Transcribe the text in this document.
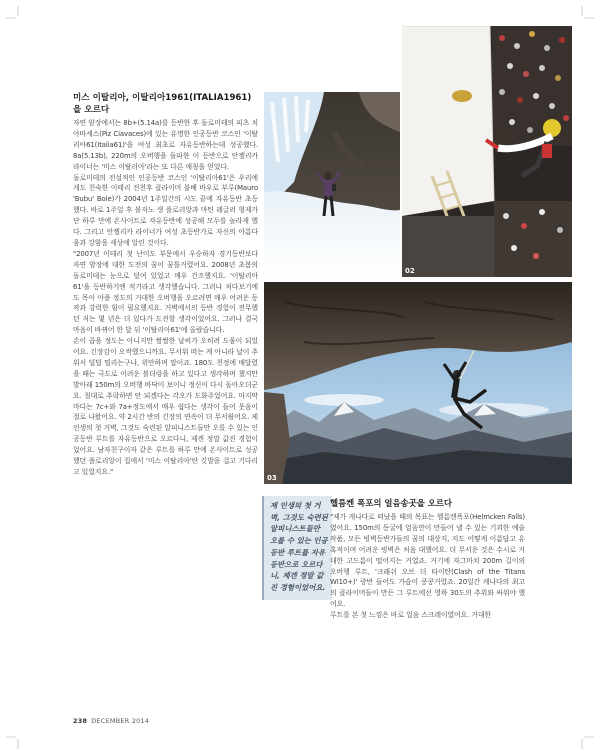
미스 이탈리아, 이탈리아1961(ITALIA1961)을 오르다

자연 암장에서는 8b+(5.14a)를 등반한 후 돌로미테의 피츠 치아바세스(Piz Ciavaces)에 있는 유명한 인공등반 코스인 '이탈리아61(Italia61)'을 여성 최초로 자유등반하는데 성공했다. 8a(5.13b), 220m의 오버행을 돌파한 이 등반으로 안젤리카 라이너는 '미스 이탈리아'라는 또 다른 애칭을 얻었다.

돌로미테의 전설적인 인공등반 코스인 '이탈리아61'은 우리에게도 친숙한 이태리 전천후 클라이머 불베 바우로 부루(Mauro 'Bubu' Bole)가 2004년 1주일간의 시도 끝에 자유등반 초등했다. 바로 1주일 후 볼자노 생 플로리앙과 마틴 레글러 형제가 단 하루 만에 온사이트로 자유등반에 성공해 모두를 놀라게 했다. 그리고 안젤리카 라이너가 여성 초등반가로 자신의 아름다움과 강함을 세상에 알린 것이다.

"2007년 이테리 첫 난이도 부문에서 우승하자 경기등반보다 자연 암장에 대한 도전의 꿈이 꿈틀거렸어요. 2008년 초봄의 돌로미테는 눈으로 덮여 있었고 매우 건조했지요. '이탈리아61'을 등반하기엔 적기라고 생각했습니다. 그러나 처다보기에도 목이 아플 정도의 거대한 오버행을 오르려면 매우 어려운 동작과 강력한 힘이 필요했지요. 거벽에서의 등반 경험이 전무했던 저는 몇 년은 더 있다가 도전할 생각이었어요. 그러나 결국 마음이 바뀌어 한 달 뒤 '이탈리아61'에 올랐습니다.

손이 곱을 정도는 아니지만 쌀쌀한 날씨가 오히려 도움이 되었어요. 긴장감이 오싹했으니까요. 무서워 떠는 게 아니라 날이 추워서 덜덜 떨리는구나, 위안하며 말이죠. 180도 천정에 매달렸을 때는 극도로 어려운 볼더링을 하고 있다고 생각하며 챘지만 발아래 150m의 오버행 바닥이 보이니 정신이 다시 돌아오더군요. 절대로 추락하면 안 되겠다는 각오가 도화주었어요. 마지막 마디는 7c+와 7a+정도에서 매우 쉽다는 생각이 들어 웃음이 절로 나왔어요. 약 2시간 반의 긴장의 연속이 더 무서웠어요. 제 인생의 첫 거벽, 그것도 숙련된 알피니스트들만 오를 수 있는 인공등반 루트를 자유등반으로 오르다니, 제겐 정말 값진 경험이었어요. 남자친구이자 같은 루트를 하루 만에 온사이트로 성공했던 플로리앙이 집에서 '미스 이탈리아'란 깃발을 걸고 기다리고 있었지요."

01	02
03

제 인생의 첫 거벽, 그것도 숙련된 알피니스트들만 오를 수 있는 인공등반 루트를 자유등반으로 오르다니, 제겐 정말 값진 경험이었어요.

헬름켄 폭포의 얼음송곳을 오르다

"제가 캐나다로 떠났을 때의 목표는 헬름켄폭포(Helmcken Falls)였어요. 150m의 동굴에 얼음만이 만들어 낼 수 있는 기괴한 예술작품, 모든 빙벽등반가들의 꿈의 대상지, 지도 어떻게 이름답고 유혹적이며 어려운 빙벽은 처음 대했어요. 더 무서운 것은 수시로 거대한 고드름이 떨어지는 거였죠. 거기에 자그마치 200m 길이의 오버행 루트, '크래쉬 오브 더 타이탄(Clash of the Titans WI10+)' 랑반 들어도 가슴이 쿵쿵거렸죠. 20일간 캐나다의 최고의 클라이머들이 만든 그 루트에선 영하 30도의 추위와 싸워야 했어요.

루트를 본 첫 느낌은 바로 얼음 스크레이였어요. 거대한

238 DECEMBER 2014
